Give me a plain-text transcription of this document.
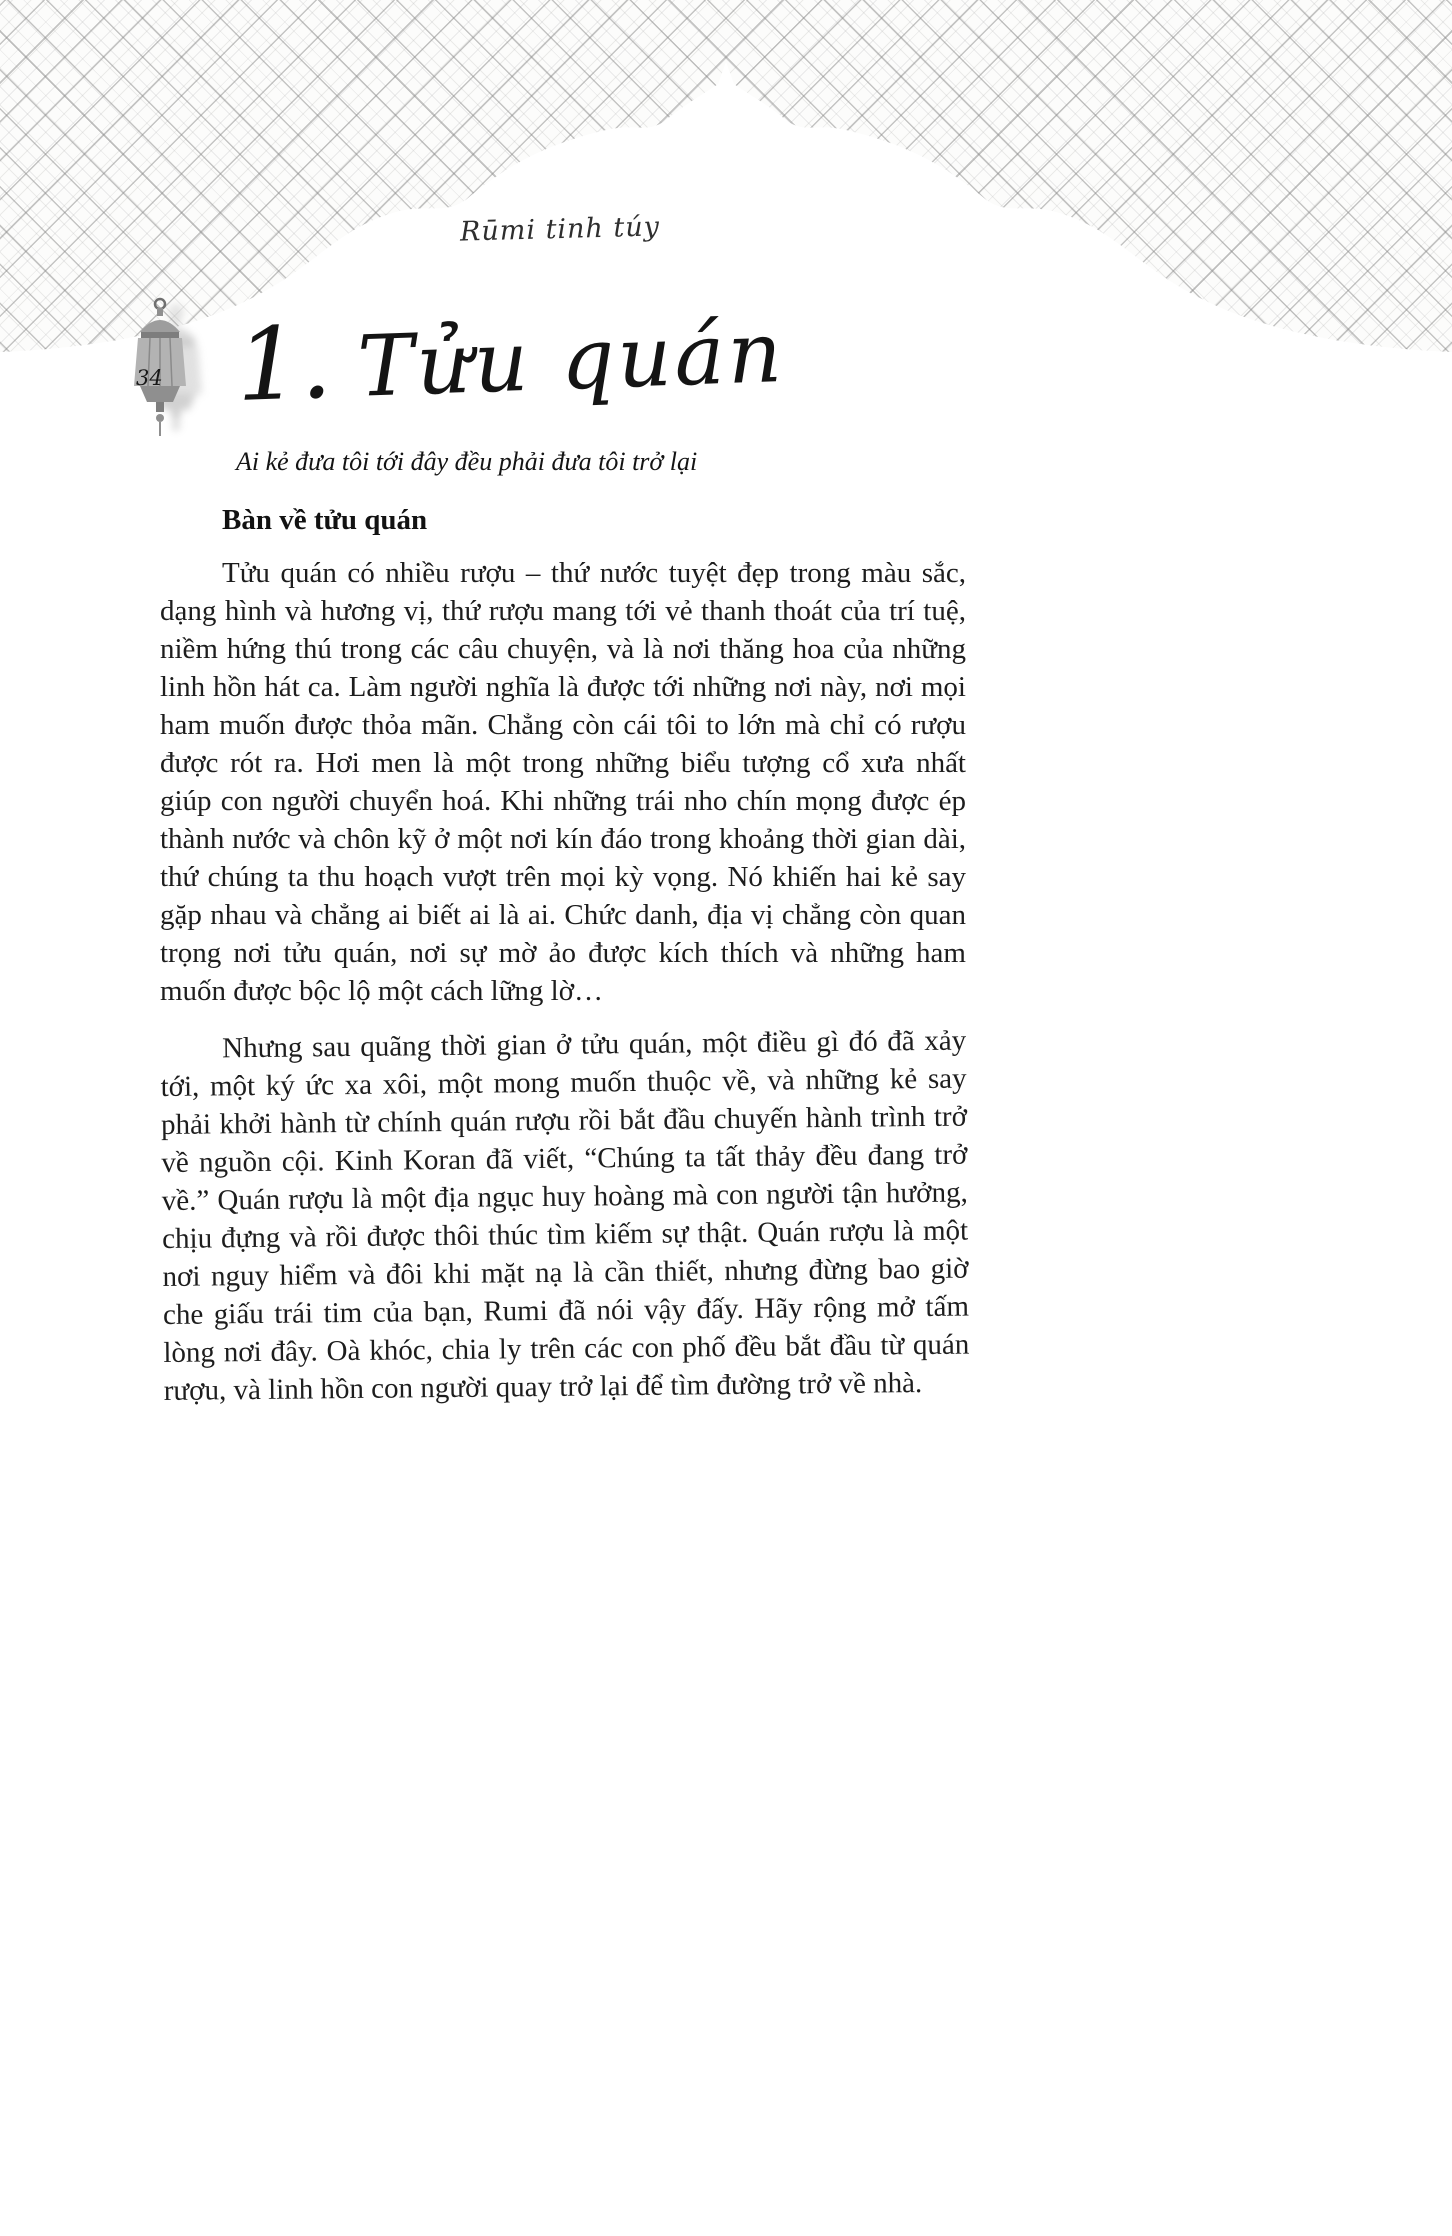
Rūmi tinh túy
34 1. Tửu quán
Ai kẻ đưa tôi tới đây đều phải đưa tôi trở lại
Bàn về tửu quán

Tửu quán có nhiều rượu – thứ nước tuyệt đẹp trong màu sắc, dạng hình và hương vị, thứ rượu mang tới vẻ thanh thoát của trí tuệ, niềm hứng thú trong các câu chuyện, và là nơi thăng hoa của những linh hồn hát ca. Làm người nghĩa là được tới những nơi này, nơi mọi ham muốn được thỏa mãn. Chẳng còn cái tôi to lớn mà chỉ có rượu được rót ra. Hơi men là một trong những biểu tượng cổ xưa nhất giúp con người chuyển hoá. Khi những trái nho chín mọng được ép thành nước và chôn kỹ ở một nơi kín đáo trong khoảng thời gian dài, thứ chúng ta thu hoạch vượt trên mọi kỳ vọng. Nó khiến hai kẻ say gặp nhau và chẳng ai biết ai là ai. Chức danh, địa vị chẳng còn quan trọng nơi tửu quán, nơi sự mờ ảo được kích thích và những ham muốn được bộc lộ một cách lững lờ…

Nhưng sau quãng thời gian ở tửu quán, một điều gì đó đã xảy tới, một ký ức xa xôi, một mong muốn thuộc về, và những kẻ say phải khởi hành từ chính quán rượu rồi bắt đầu chuyến hành trình trở về nguồn cội. Kinh Koran đã viết, “Chúng ta tất thảy đều đang trở về.” Quán rượu là một địa ngục huy hoàng mà con người tận hưởng, chịu đựng và rồi được thôi thúc tìm kiếm sự thật. Quán rượu là một nơi nguy hiểm và đôi khi mặt nạ là cần thiết, nhưng đừng bao giờ che giấu trái tim của bạn, Rumi đã nói vậy đấy. Hãy rộng mở tấm lòng nơi đây. Oà khóc, chia ly trên các con phố đều bắt đầu từ quán rượu, và linh hồn con người quay trở lại để tìm đường trở về nhà.
